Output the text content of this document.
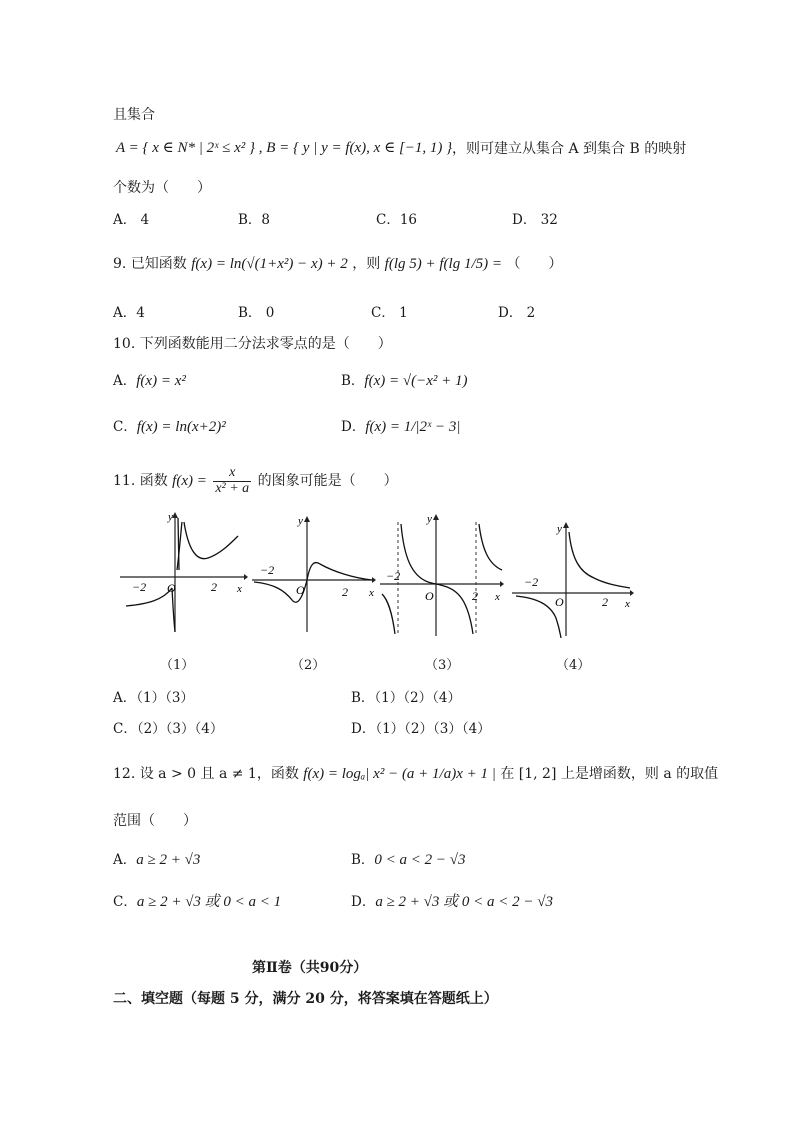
且集合
A = { x ∈ N* | 2ˣ ≤ x² } , B = { y | y = f(x), x ∈ [−1, 1) } ，则可建立从集合 A 到集合 B 的映射
个数为（　　）
A． 4	B．8	C．16	D． 32
9. 已知函数 f(x) = ln(√(1+x²) − x) + 2 ，则 f(lg 5) + f(lg 1/5) = （　　）
A．4	B． 0	C． 1	D． 2
10. 下列函数能用二分法求零点的是（　　）
A．f(x) = x²	B．f(x) = √(−x² + 1)
C．f(x) = ln(x+2)²	D．f(x) = 1/|2ˣ − 3|
11. 函数 $f(x) = \frac{x}{\text{x² + a}}$ 的图象可能是（　　）
y
x
−2	2
O
y
x
−2
2
O
y
x
−2
2
O
y
x
−2
2
O
（1）	（2）	（3）	（4）
A．（1）（3）	B．（1）（2）（4）
C．（2）（3）（4）	D．（1）（2）（3）（4）
12. 设 a > 0 且 a ≠ 1，函数 f(x) = logₐ| x² − (a + 1/a)x + 1 | 在 [1, 2] 上是增函数，则 a 的取值
范围（　　）
A．a ≥ 2 + √3	B．0 < a < 2 − √3
C．a ≥ 2 + √3 或 0 < a < 1	D．a ≥ 2 + √3 或 0 < a < 2 − √3
第Ⅱ卷（共90分）
二、填空题（每题 5 分，满分 20 分，将答案填在答题纸上）
